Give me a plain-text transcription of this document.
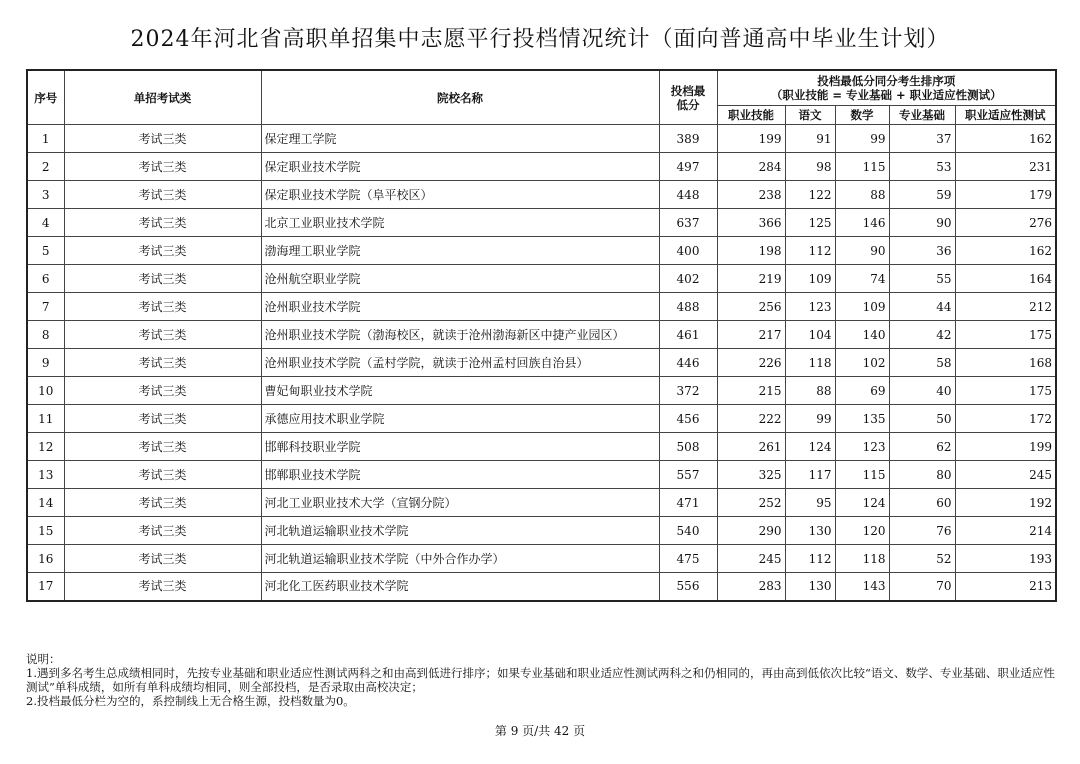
2024年河北省高职单招集中志愿平行投档情况统计（面向普通高中毕业生计划）
序号	单招考试类	院校名称	投档最低分	投档最低分同分考生排序项
（职业技能 = 专业基础 + 职业适应性测试）				

				职业技能	语文	数学	专业基础	职业适应性测试
1	考试三类	保定理工学院	389	199	91	99	37	162
2	考试三类	保定职业技术学院	497	284	98	115	53	231
3	考试三类	保定职业技术学院（阜平校区）	448	238	122	88	59	179
4	考试三类	北京工业职业技术学院	637	366	125	146	90	276
5	考试三类	渤海理工职业学院	400	198	112	90	36	162
6	考试三类	沧州航空职业学院	402	219	109	74	55	164
7	考试三类	沧州职业技术学院	488	256	123	109	44	212
8	考试三类	沧州职业技术学院（渤海校区，就读于沧州渤海新区中捷产业园区）	461	217	104	140	42	175
9	考试三类	沧州职业技术学院（孟村学院，就读于沧州孟村回族自治县）	446	226	118	102	58	168
10	考试三类	曹妃甸职业技术学院	372	215	88	69	40	175
11	考试三类	承德应用技术职业学院	456	222	99	135	50	172
12	考试三类	邯郸科技职业学院	508	261	124	123	62	199
13	考试三类	邯郸职业技术学院	557	325	117	115	80	245
14	考试三类	河北工业职业技术大学（宣钢分院）	471	252	95	124	60	192
15	考试三类	河北轨道运输职业技术学院	540	290	130	120	76	214
16	考试三类	河北轨道运输职业技术学院（中外合作办学）	475	245	112	118	52	193
17	考试三类	河北化工医药职业技术学院	556	283	130	143	70	213
说明：
1.遇到多名考生总成绩相同时，先按专业基础和职业适应性测试两科之和由高到低进行排序；如果专业基础和职业适应性测试两科之和仍相同的，再由高到低依次比较“语文、数学、专业基础、职业适应性测试”单科成绩，如所有单科成绩均相同，则全部投档，是否录取由高校决定；
2.投档最低分栏为空的，系控制线上无合格生源，投档数量为0。
第 9 页/共 42 页
